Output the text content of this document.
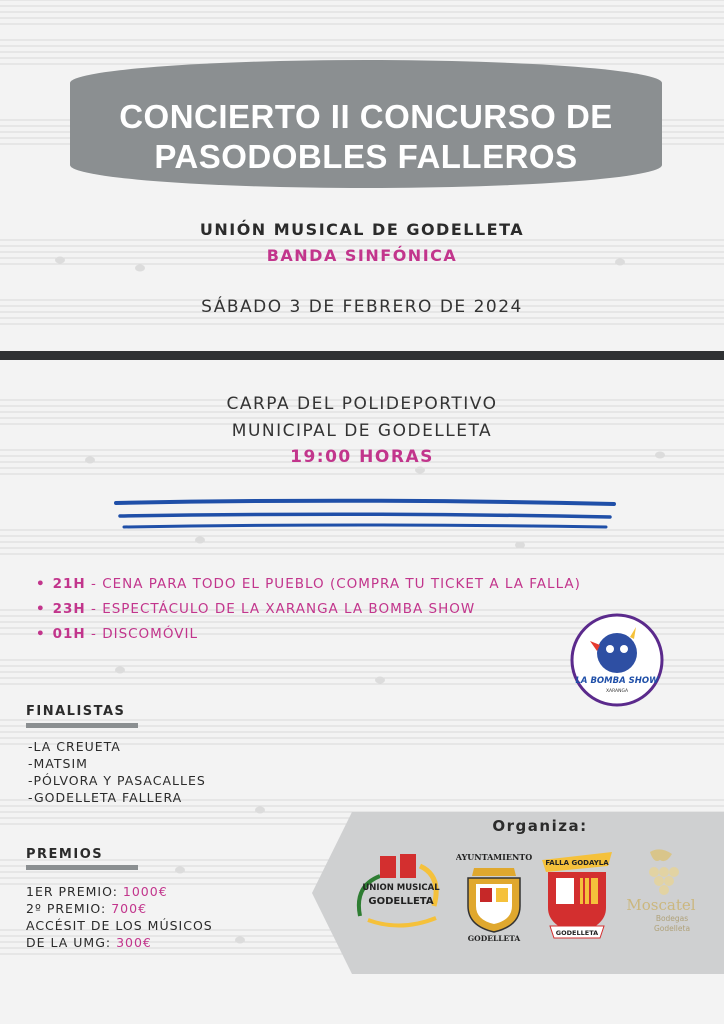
CONCIERTO II CONCURSO DE
PASODOBLES FALLEROS
UNIÓN MUSICAL DE GODELLETA
BANDA SINFÓNICA
SÁBADO 3 DE FEBRERO DE 2024
CARPA DEL POLIDEPORTIVO
MUNICIPAL DE GODELLETA
19:00 HORAS
• 21H - CENA PARA TODO EL PUEBLO (COMPRA TU TICKET A LA FALLA)
• 23H - ESPECTÁCULO DE LA XARANGA LA BOMBA SHOW
• 01H - DISCOMÓVIL
LA BOMBA SHOW
XARANGA
FINALISTAS
-LA CREUETA
-MATSIM
-PÓLVORA Y PASACALLES
-GODELLETA FALLERA
PREMIOS
1ER PREMIO: 1000€
2º PREMIO: 700€
ACCÉSIT DE LOS MÚSICOS
DE LA UMG: 300€
Organiza:
UNION MUSICAL
GODELLETA
AYUNTAMIENTO
GODELLETA
FALLA GODAYLA
GODELLETA
Moscatel
Bodegas
Godelleta
